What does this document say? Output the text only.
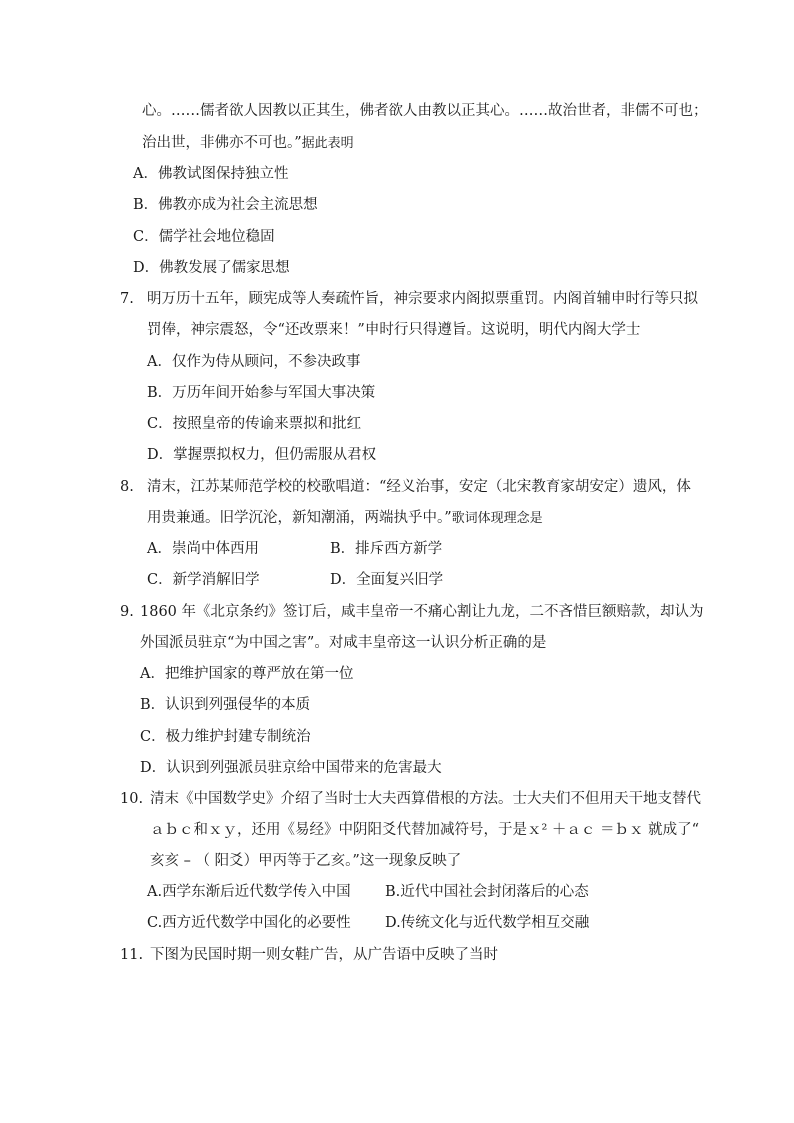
心。……儒者欲人因教以正其生，佛者欲人由教以正其心。……故治世者，非儒不可也；
治出世，非佛亦不可也。”据此表明
A．佛教试图保持独立性
B．佛教亦成为社会主流思想
C．儒学社会地位稳固
D．佛教发展了儒家思想
7. 明万历十五年，顾宪成等人奏疏忤旨，神宗要求内阁拟票重罚。内阁首辅申时行等只拟
罚俸，神宗震怒，令“还改票来！”申时行只得遵旨。这说明，明代内阁大学士
A．仅作为侍从顾问，不参决政事
B．万历年间开始参与军国大事决策
C．按照皇帝的传谕来票拟和批红
D．掌握票拟权力，但仍需服从君权
8. 清末，江苏某师范学校的校歌唱道：“经义治事，安定（北宋教育家胡安定）遗风，体
用贵兼通。旧学沉沦，新知潮涌，两端执乎中。”歌词体现理念是
A．崇尚中体西用	B．排斥西方新学
C．新学消解旧学	D．全面复兴旧学
9. 1860 年《北京条约》签订后，咸丰皇帝一不痛心割让九龙，二不吝惜巨额赔款，却认为
外国派员驻京“为中国之害”。对咸丰皇帝这一认识分析正确的是
A．把维护国家的尊严放在第一位
B．认识到列强侵华的本质
C．极力维护封建专制统治
D．认识到列强派员驻京给中国带来的危害最大
10. 清末《中国数学史》介绍了当时士大夫西算借根的方法。士大夫们不但用天干地支替代
ａｂｃ和ｘｙ，还用《易经》中阴阳爻代替加减符号，于是ｘ² ＋ａｃ ＝ｂｘ 就成了“
亥亥 – （ 阳爻）甲丙等于乙亥。”这一现象反映了
A.西学东渐后近代数学传入中国 B.近代中国社会封闭落后的心态
C.西方近代数学中国化的必要性 D.传统文化与近代数学相互交融
11. 下图为民国时期一则女鞋广告，从广告语中反映了当时
